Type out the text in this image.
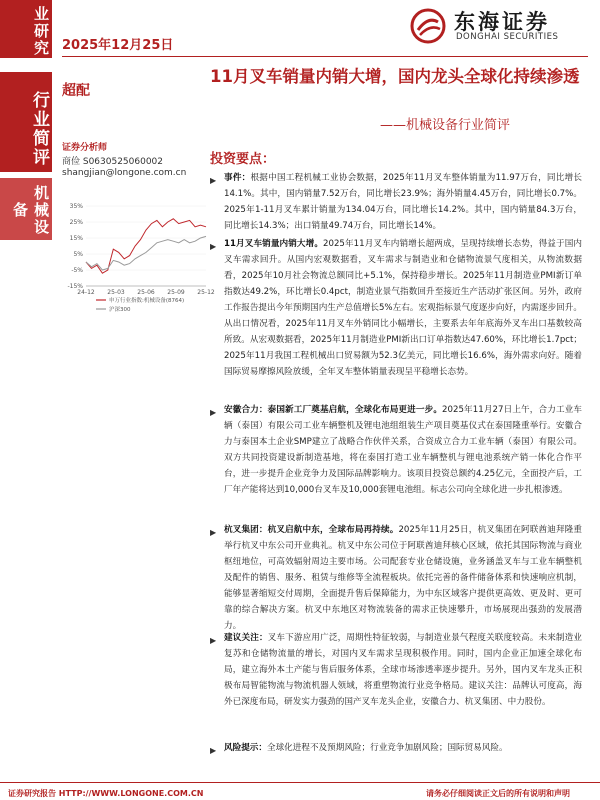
业研究
行业简评
机械设备
东海证券
DONGHAI SECURITIES
2025年12月25日
超配
11月叉车销量内销大增，国内龙头全球化持续渗透
——机械设备行业简评
证券分析师
商俭 S0630525060002
shangjian@longone.com.cn
35%
25%
15%
5%
-5%
-15%
24-12 25-03 25-06 25-09 25-12
申万行业指数:机械设备(8764)
沪深300
投资要点：
▶ 事件：根据中国工程机械工业协会数据，2025年11月叉车整体销量为11.97万台，同比增长14.1%。其中，国内销量7.52万台，同比增长23.9%；海外销量4.45万台，同比增长0.7%。2025年1-11月叉车累计销量为134.04万台，同比增长14.2%。其中，国内销量84.3万台，同比增长14.3%；出口销量49.74万台，同比增长14%。
▶ 11月叉车销量内销大增。2025年11月叉车内销增长超两成，呈现持续增长态势，得益于国内叉车需求回升。从国内宏观数据看，叉车需求与制造业和仓储物流景气度相关，从物流数据看，2025年10月社会物流总额同比+5.1%，保持稳步增长。2025年11月制造业PMI新订单指数达49.2%，环比增长0.4pct，制造业景气指数回升至接近生产活动扩张区间。另外，政府工作报告提出今年预期国内生产总值增长5%左右。宏观指标景气度逐步向好，内需逐步回升。从出口情况看，2025年11月叉车外销同比小幅增长，主要系去年年底海外叉车出口基数较高所致。从宏观数据看，2025年11月制造业PMI新出口订单指数达47.60%，环比增长1.7pct；2025年11月我国工程机械出口贸易额为52.3亿美元，同比增长16.6%，海外需求向好。随着国际贸易摩擦风险放缓，全年叉车整体销量表现呈平稳增长态势。
▶ 安徽合力：泰国新工厂奠基启航，全球化布局更进一步。2025年11月27日上午，合力工业车辆（泰国）有限公司工业车辆整机及锂电池组组装生产项目奠基仪式在泰国隆重举行。安徽合力与泰国本土企业SMP建立了战略合作伙伴关系，合资成立合力工业车辆（泰国）有限公司。双方共同投资建设新制造基地，将在泰国打造工业车辆整机与锂电池系统产销一体化合作平台，进一步提升企业竞争力及国际品牌影响力。该项目投资总额约4.25亿元，全面投产后，工厂年产能将达到10,000台叉车及10,000套锂电池组。标志公司向全球化进一步扎根渗透。
▶ 杭叉集团：杭叉启航中东，全球布局再持续。2025年11月25日，杭叉集团在阿联酋迪拜隆重举行杭叉中东公司开业典礼。杭叉中东公司位于阿联酋迪拜核心区域，依托其国际物流与商业枢纽地位，可高效辐射周边主要市场。公司配套专业仓储设施，业务涵盖叉车与工业车辆整机及配件的销售、服务、租赁与维修等全流程板块。依托完善的备件储备体系和快速响应机制，能够显著缩短交付周期，全面提升售后保障能力，为中东区域客户提供更高效、更及时、更可靠的综合解决方案。杭叉中东地区对物流装备的需求正快速攀升，市场展现出强劲的发展潜力。
▶ 建议关注：叉车下游应用广泛，周期性特征较弱，与制造业景气程度关联度较高。未来制造业复苏和仓储物流量的增长，对国内叉车需求呈现积极作用。同时，国内企业正加速全球化布局，建立海外本土产能与售后服务体系，全球市场渗透率逐步提升。另外，国内叉车龙头正积极布局智能物流与物流机器人领域，将重塑物流行业竞争格局。建议关注：品牌认可度高，海外已深度布局，研发实力强劲的国产叉车龙头企业，安徽合力、杭叉集团、中力股份。
▶ 风险提示：全球化进程不及预期风险；行业竞争加剧风险；国际贸易风险。
证券研究报告 HTTP://WWW.LONGONE.COM.CN	请务必仔细阅读正文后的所有说明和声明
